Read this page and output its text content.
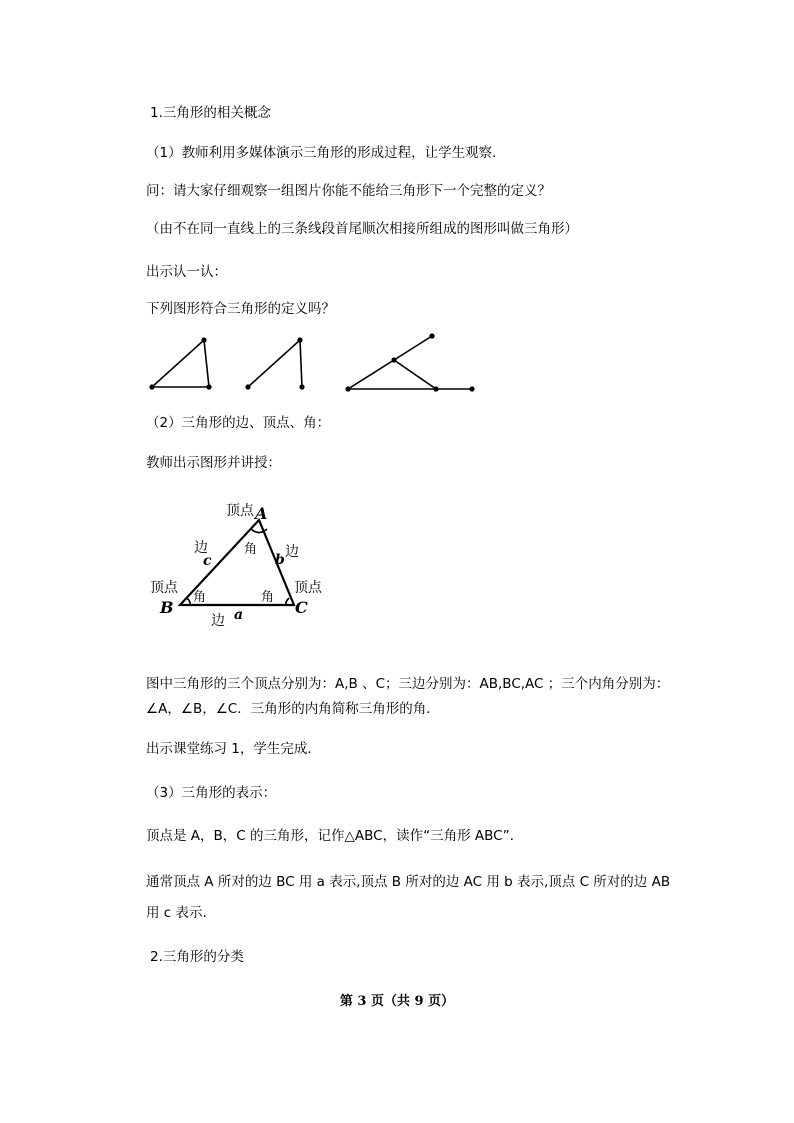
1.三角形的相关概念
（1）教师利用多媒体演示三角形的形成过程，让学生观察．
问：请大家仔细观察一组图片你能不能给三角形下一个完整的定义？
（由不在同一直线上的三条线段首尾顺次相接所组成的图形叫做三角形）
出示认一认：
下列图形符合三角形的定义吗？
（2）三角形的边、顶点、角：
教师出示图形并讲授：
顶点 A
角
边
c
边
b
顶点
B
角
顶点
C
角
边 a
图中三角形的三个顶点分别为：A,B 、C；三边分别为：AB,BC,AC ；三个内角分别为：
∠A，∠B，∠C．三角形的内角简称三角形的角．
出示课堂练习 1，学生完成．
（3）三角形的表示：
顶点是 A，B，C 的三角形，记作△ABC，读作“三角形 ABC”．
通常顶点 A 所对的边 BC 用 a 表示,顶点 B 所对的边 AC 用 b 表示,顶点 C 所对的边 AB
用 c 表示.
2.三角形的分类
第 3 页（共 9 页）
